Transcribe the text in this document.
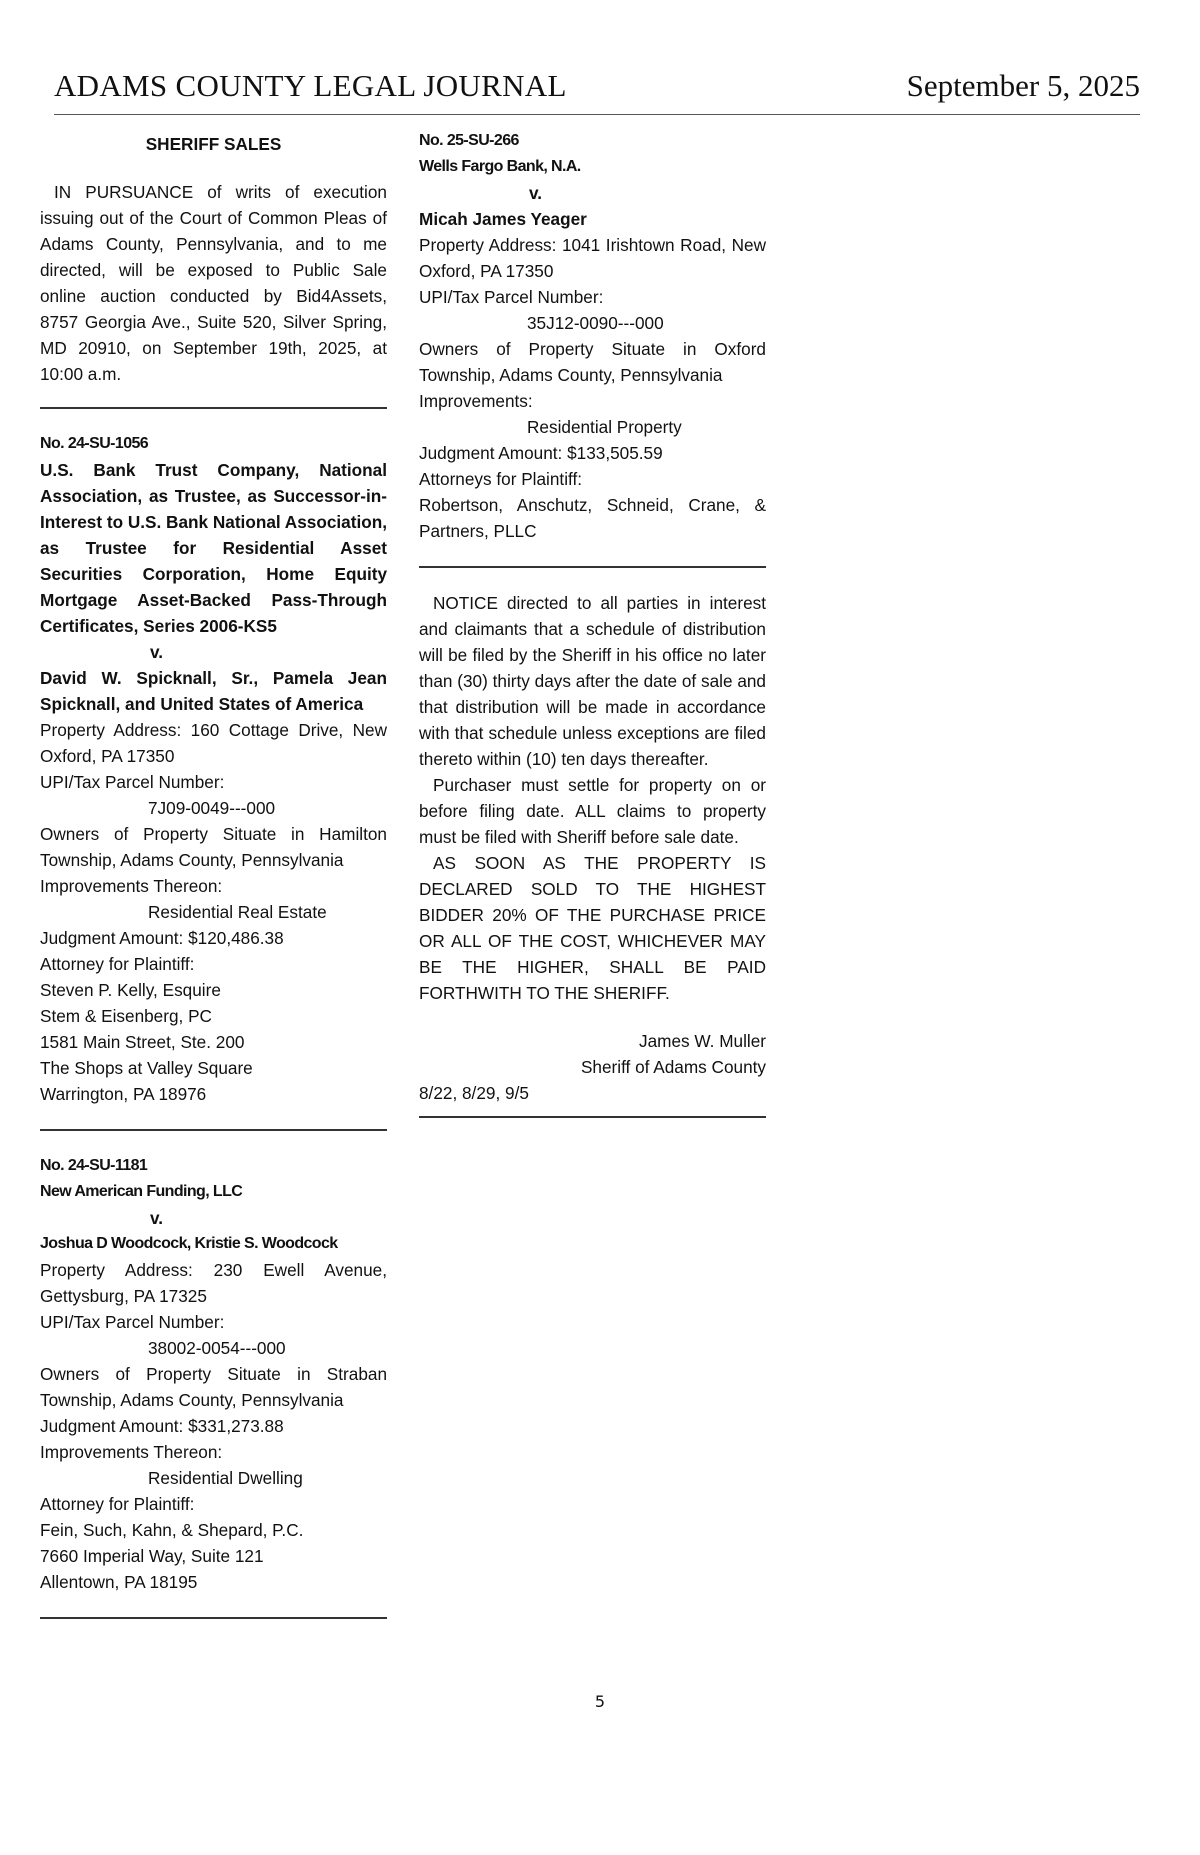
ADAMS COUNTY LEGAL JOURNAL	September 5, 2025

SHERIFF SALES

IN PURSUANCE of writs of execution issuing out of the Court of Common Pleas of Adams County, Pennsylvania, and to me directed, will be exposed to Public Sale online auction conducted by Bid4Assets, 8757 Georgia Ave., Suite 520, Silver Spring, MD 20910, on September 19th, 2025, at 10:00 a.m.

No. 24-SU-1056

U.S. Bank Trust Company, National Association, as Trustee, as Successor-in-Interest to U.S. Bank National Association, as Trustee for Residential Asset Securities Corporation, Home Equity Mortgage Asset-Backed Pass-Through Certificates, Series 2006-KS5

v.

David W. Spicknall, Sr., Pamela Jean Spicknall, and United States of America

Property Address: 160 Cottage Drive, New Oxford, PA 17350

UPI/Tax Parcel Number:

7J09-0049---000

Owners of Property Situate in Hamilton Township, Adams County, Pennsylvania

Improvements Thereon:

Residential Real Estate

Judgment Amount: $120,486.38

Attorney for Plaintiff:

Steven P. Kelly, Esquire

Stem & Eisenberg, PC

1581 Main Street, Ste. 200

The Shops at Valley Square

Warrington, PA 18976

No. 24-SU-1181

New American Funding, LLC

v.

Joshua D Woodcock, Kristie S. Woodcock

Property Address: 230 Ewell Avenue, Gettysburg, PA 17325

UPI/Tax Parcel Number:

38002-0054---000

Owners of Property Situate in Straban Township, Adams County, Pennsylvania

Judgment Amount: $331,273.88

Improvements Thereon:

Residential Dwelling

Attorney for Plaintiff:

Fein, Such, Kahn, & Shepard, P.C.

7660 Imperial Way, Suite 121

Allentown, PA 18195

No. 25-SU-266

Wells Fargo Bank, N.A.

v.

Micah James Yeager

Property Address: 1041 Irishtown Road, New Oxford, PA 17350

UPI/Tax Parcel Number:

35J12-0090---000

Owners of Property Situate in Oxford Township, Adams County, Pennsylvania

Improvements:

Residential Property

Judgment Amount: $133,505.59

Attorneys for Plaintiff:

Robertson, Anschutz, Schneid, Crane, & Partners, PLLC

NOTICE directed to all parties in interest and claimants that a schedule of distribution will be filed by the Sheriff in his office no later than (30) thirty days after the date of sale and that distribution will be made in accordance with that schedule unless exceptions are filed thereto within (10) ten days thereafter.

Purchaser must settle for property on or before filing date. ALL claims to property must be filed with Sheriff before sale date.

AS SOON AS THE PROPERTY IS DECLARED SOLD TO THE HIGHEST BIDDER 20% OF THE PURCHASE PRICE OR ALL OF THE COST, WHICHEVER MAY BE THE HIGHER, SHALL BE PAID FORTHWITH TO THE SHERIFF.

James W. Muller

Sheriff of Adams County

8/22, 8/29, 9/5

5
